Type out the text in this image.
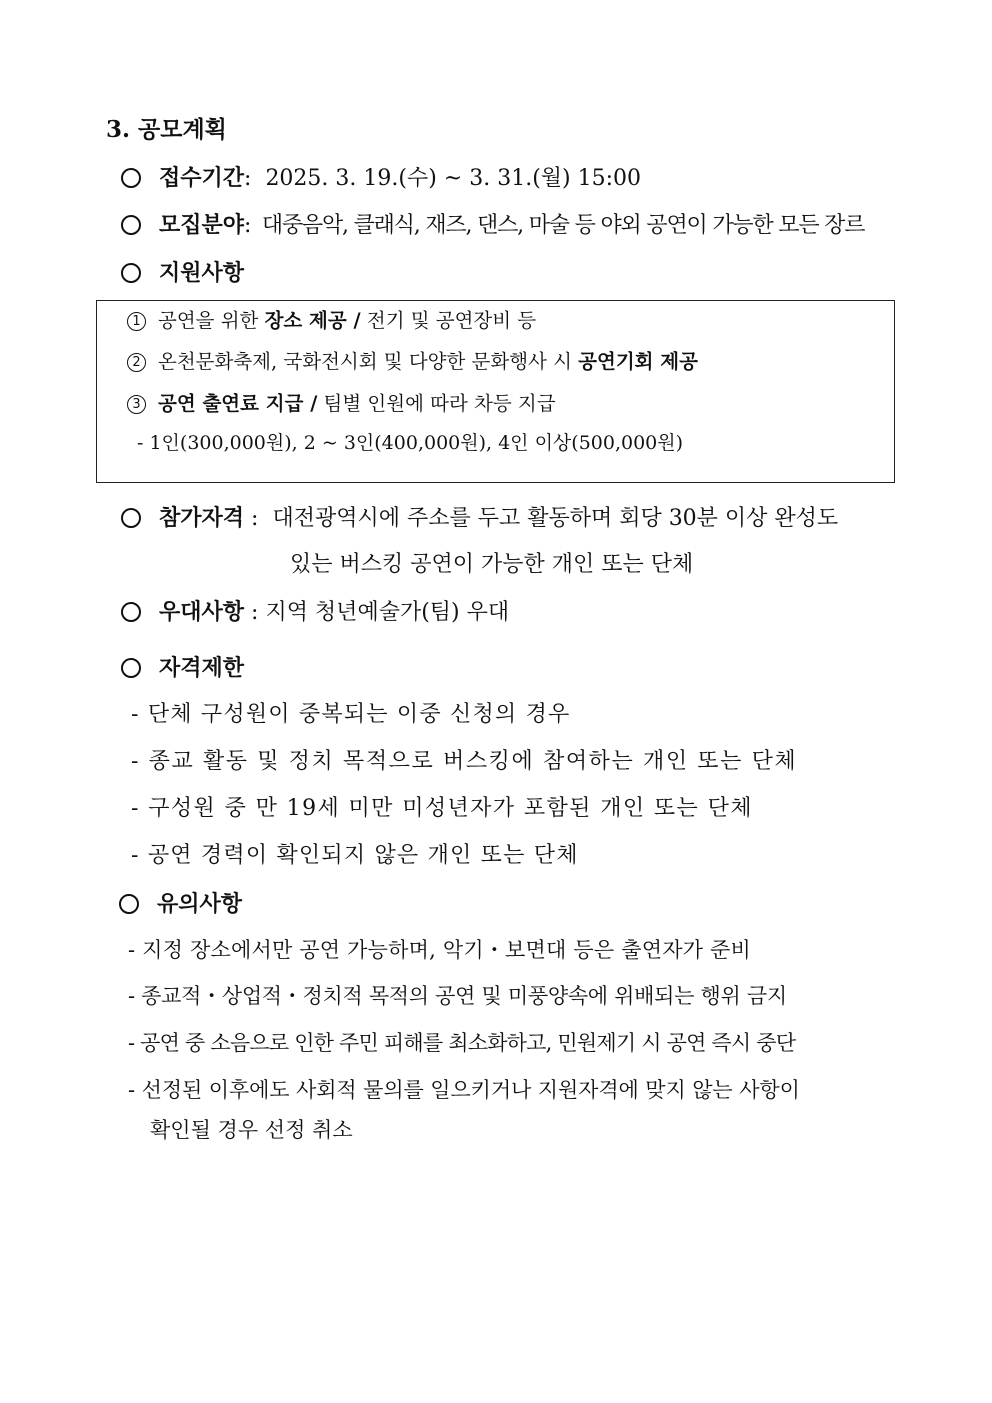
3. 공모계획
접수기간: 2025. 3. 19.(수) ~ 3. 31.(월) 15:00
모집분야: 대중음악, 클래식, 재즈, 댄스, 마술 등 야외 공연이 가능한 모든 장르
지원사항
1 공연을 위한 장소 제공 / 전기 및 공연장비 등
2 온천문화축제, 국화전시회 및 다양한 문화행사 시 공연기회 제공
3 공연 출연료 지급 / 팀별 인원에 따라 차등 지급
- 1인(300,000원), 2 ~ 3인(400,000원), 4인 이상(500,000원)
참가자격 : 대전광역시에 주소를 두고 활동하며 회당 30분 이상 완성도
있는 버스킹 공연이 가능한 개인 또는 단체
우대사항 : 지역 청년예술가(팀) 우대
자격제한
- 단체 구성원이 중복되는 이중 신청의 경우
- 종교 활동 및 정치 목적으로 버스킹에 참여하는 개인 또는 단체
- 구성원 중 만 19세 미만 미성년자가 포함된 개인 또는 단체
- 공연 경력이 확인되지 않은 개인 또는 단체
유의사항
- 지정 장소에서만 공연 가능하며, 악기・보면대 등은 출연자가 준비
- 종교적・상업적・정치적 목적의 공연 및 미풍양속에 위배되는 행위 금지
- 공연 중 소음으로 인한 주민 피해를 최소화하고, 민원제기 시 공연 즉시 중단
- 선정된 이후에도 사회적 물의를 일으키거나 지원자격에 맞지 않는 사항이
확인될 경우 선정 취소
